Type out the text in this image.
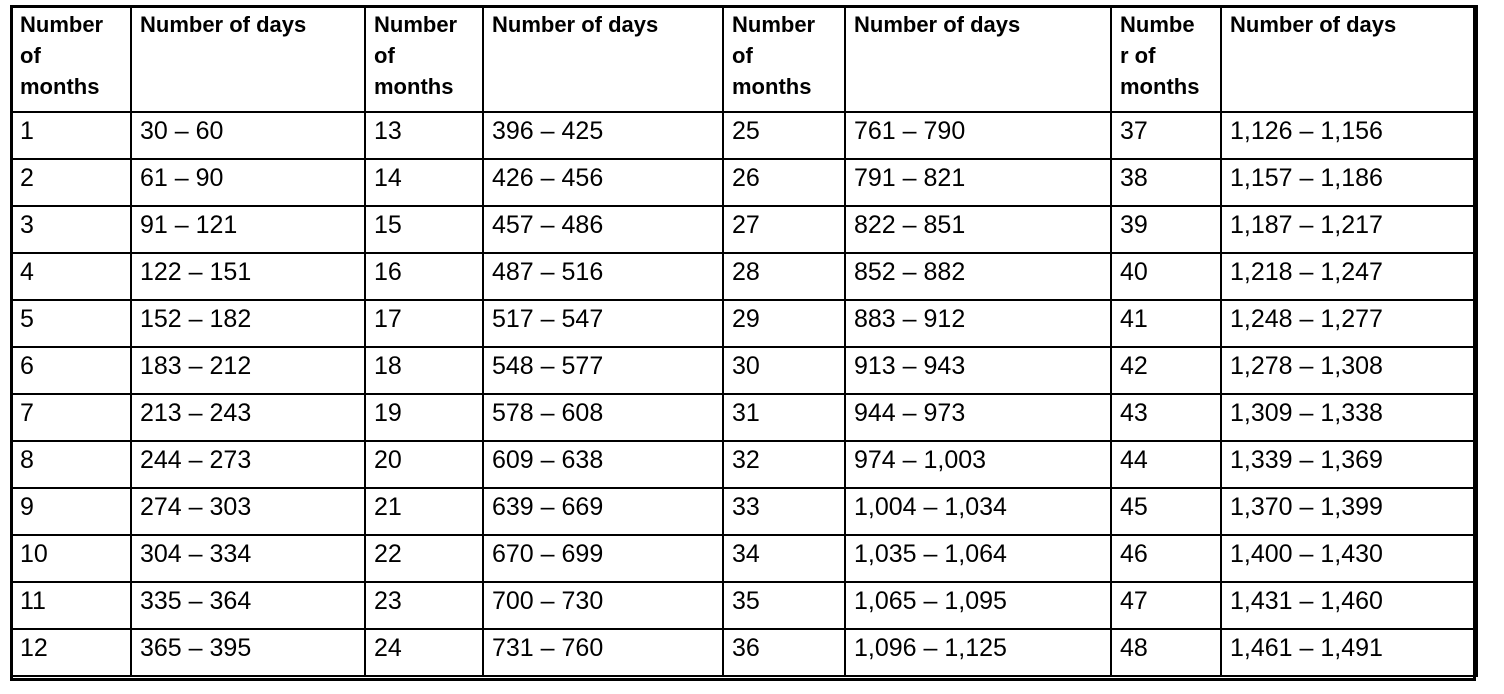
Number
of
months	Number of days	Number
of
months	Number of days	Number
of
months	Number of days	Numbe
r of
months	Number of days
1	30 – 60	13	396 – 425	25	761 – 790	37	1,126 – 1,156
2	61 – 90	14	426 – 456	26	791 – 821	38	1,157 – 1,186
3	91 – 121	15	457 – 486	27	822 – 851	39	1,187 – 1,217
4	122 – 151	16	487 – 516	28	852 – 882	40	1,218 – 1,247
5	152 – 182	17	517 – 547	29	883 – 912	41	1,248 – 1,277
6	183 – 212	18	548 – 577	30	913 – 943	42	1,278 – 1,308
7	213 – 243	19	578 – 608	31	944 – 973	43	1,309 – 1,338
8	244 – 273	20	609 – 638	32	974 – 1,003	44	1,339 – 1,369
9	274 – 303	21	639 – 669	33	1,004 – 1,034	45	1,370 – 1,399
10	304 – 334	22	670 – 699	34	1,035 – 1,064	46	1,400 – 1,430
11	335 – 364	23	700 – 730	35	1,065 – 1,095	47	1,431 – 1,460
12	365 – 395	24	731 – 760	36	1,096 – 1,125	48	1,461 – 1,491
